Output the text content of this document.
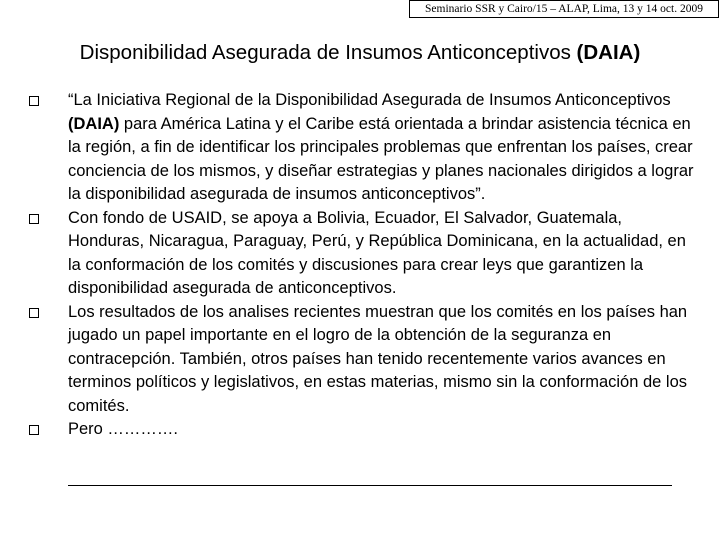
Seminario SSR y Cairo/15 – ALAP, Lima, 13 y 14 oct. 2009
Disponibilidad Asegurada de Insumos Anticonceptivos (DAIA)
“La Iniciativa Regional de la Disponibilidad Asegurada de Insumos Anticonceptivos (DAIA) para América Latina y el Caribe está orientada a brindar asistencia técnica en la región, a fin de identificar los principales problemas que enfrentan los países, crear conciencia de los mismos, y diseñar estrategias y planes nacionales dirigidos a lograr la disponibilidad asegurada de insumos anticonceptivos”.
Con fondo de USAID, se apoya a Bolivia, Ecuador, El Salvador, Guatemala, Honduras, Nicaragua, Paraguay, Perú, y República Dominicana, en la actualidad, en la conformación de los comités y discusiones para crear leys que garantizen la disponibilidad asegurada de anticonceptivos.
Los resultados de los analises recientes muestran que los comités en los países han jugado un papel importante en el logro de la obtención de la seguranza en contracepción. También, otros países han tenido recentemente varios avances en terminos políticos y legislativos, en estas materias, mismo sin la conformación de los comités.
Pero ………….
